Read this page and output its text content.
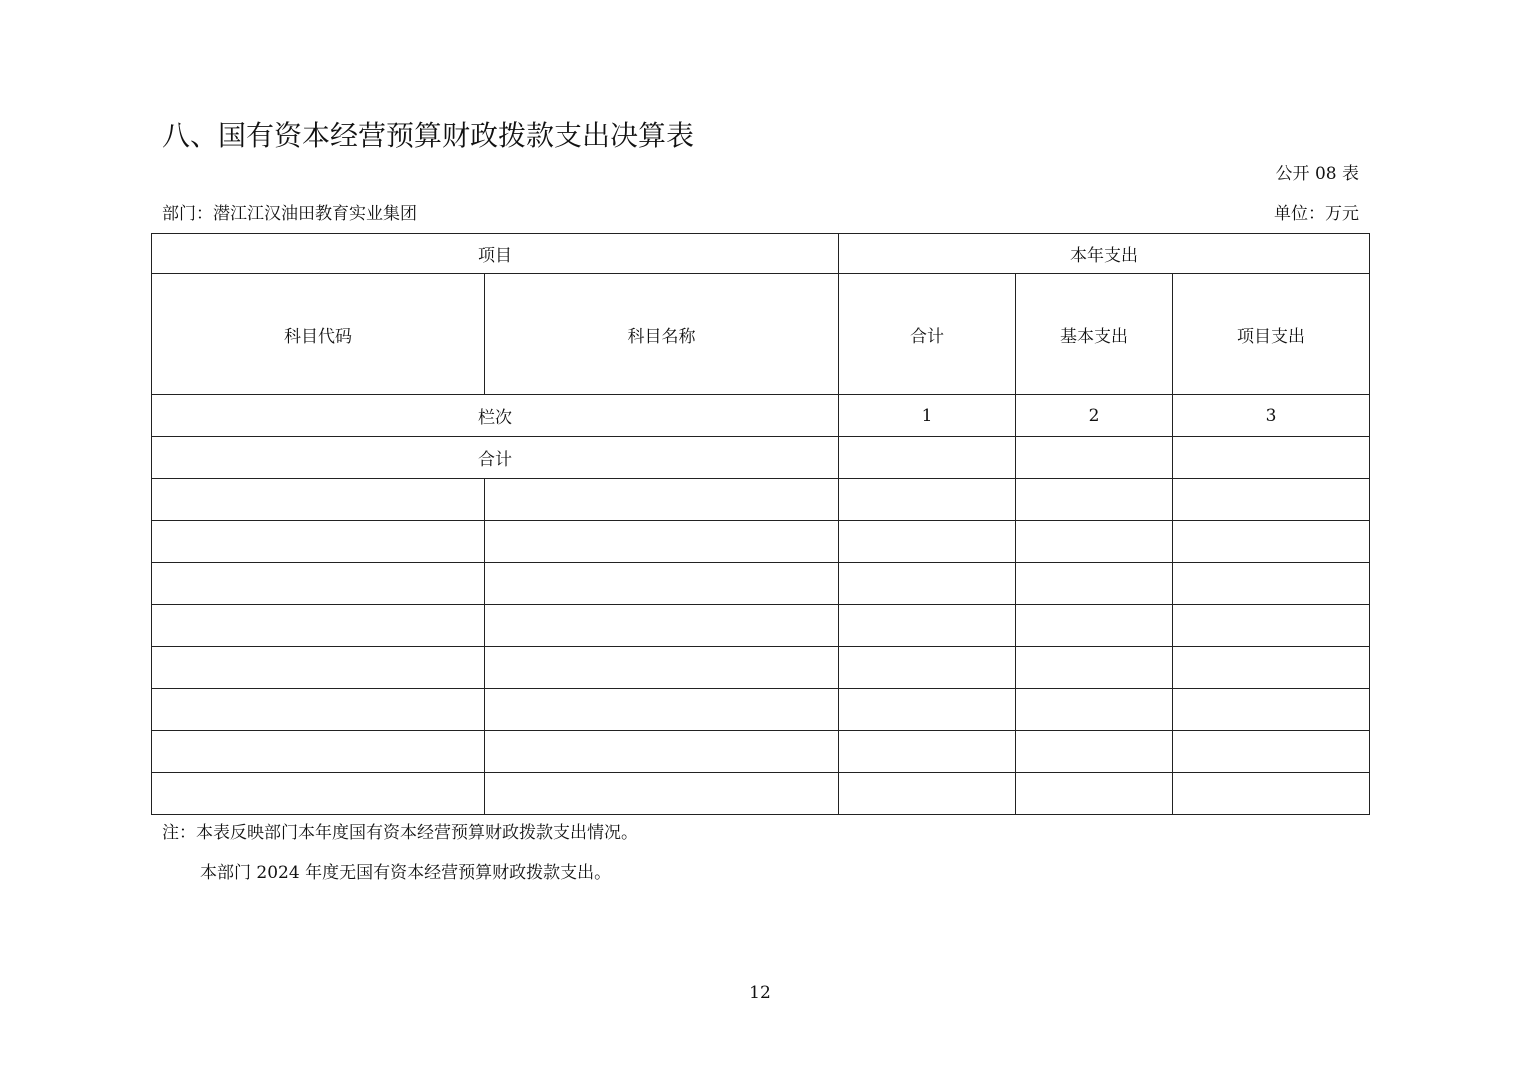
八、国有资本经营预算财政拨款支出决算表
公开 08 表
部门：潜江江汉油田教育实业集团	单位：万元
项目		本年支出		
科目代码	科目名称	合计	基本支出	项目支出
栏次		1	2	3
合计				

注：本表反映部门本年度国有资本经营预算财政拨款支出情况。
本部门 2024 年度无国有资本经营预算财政拨款支出。
12
